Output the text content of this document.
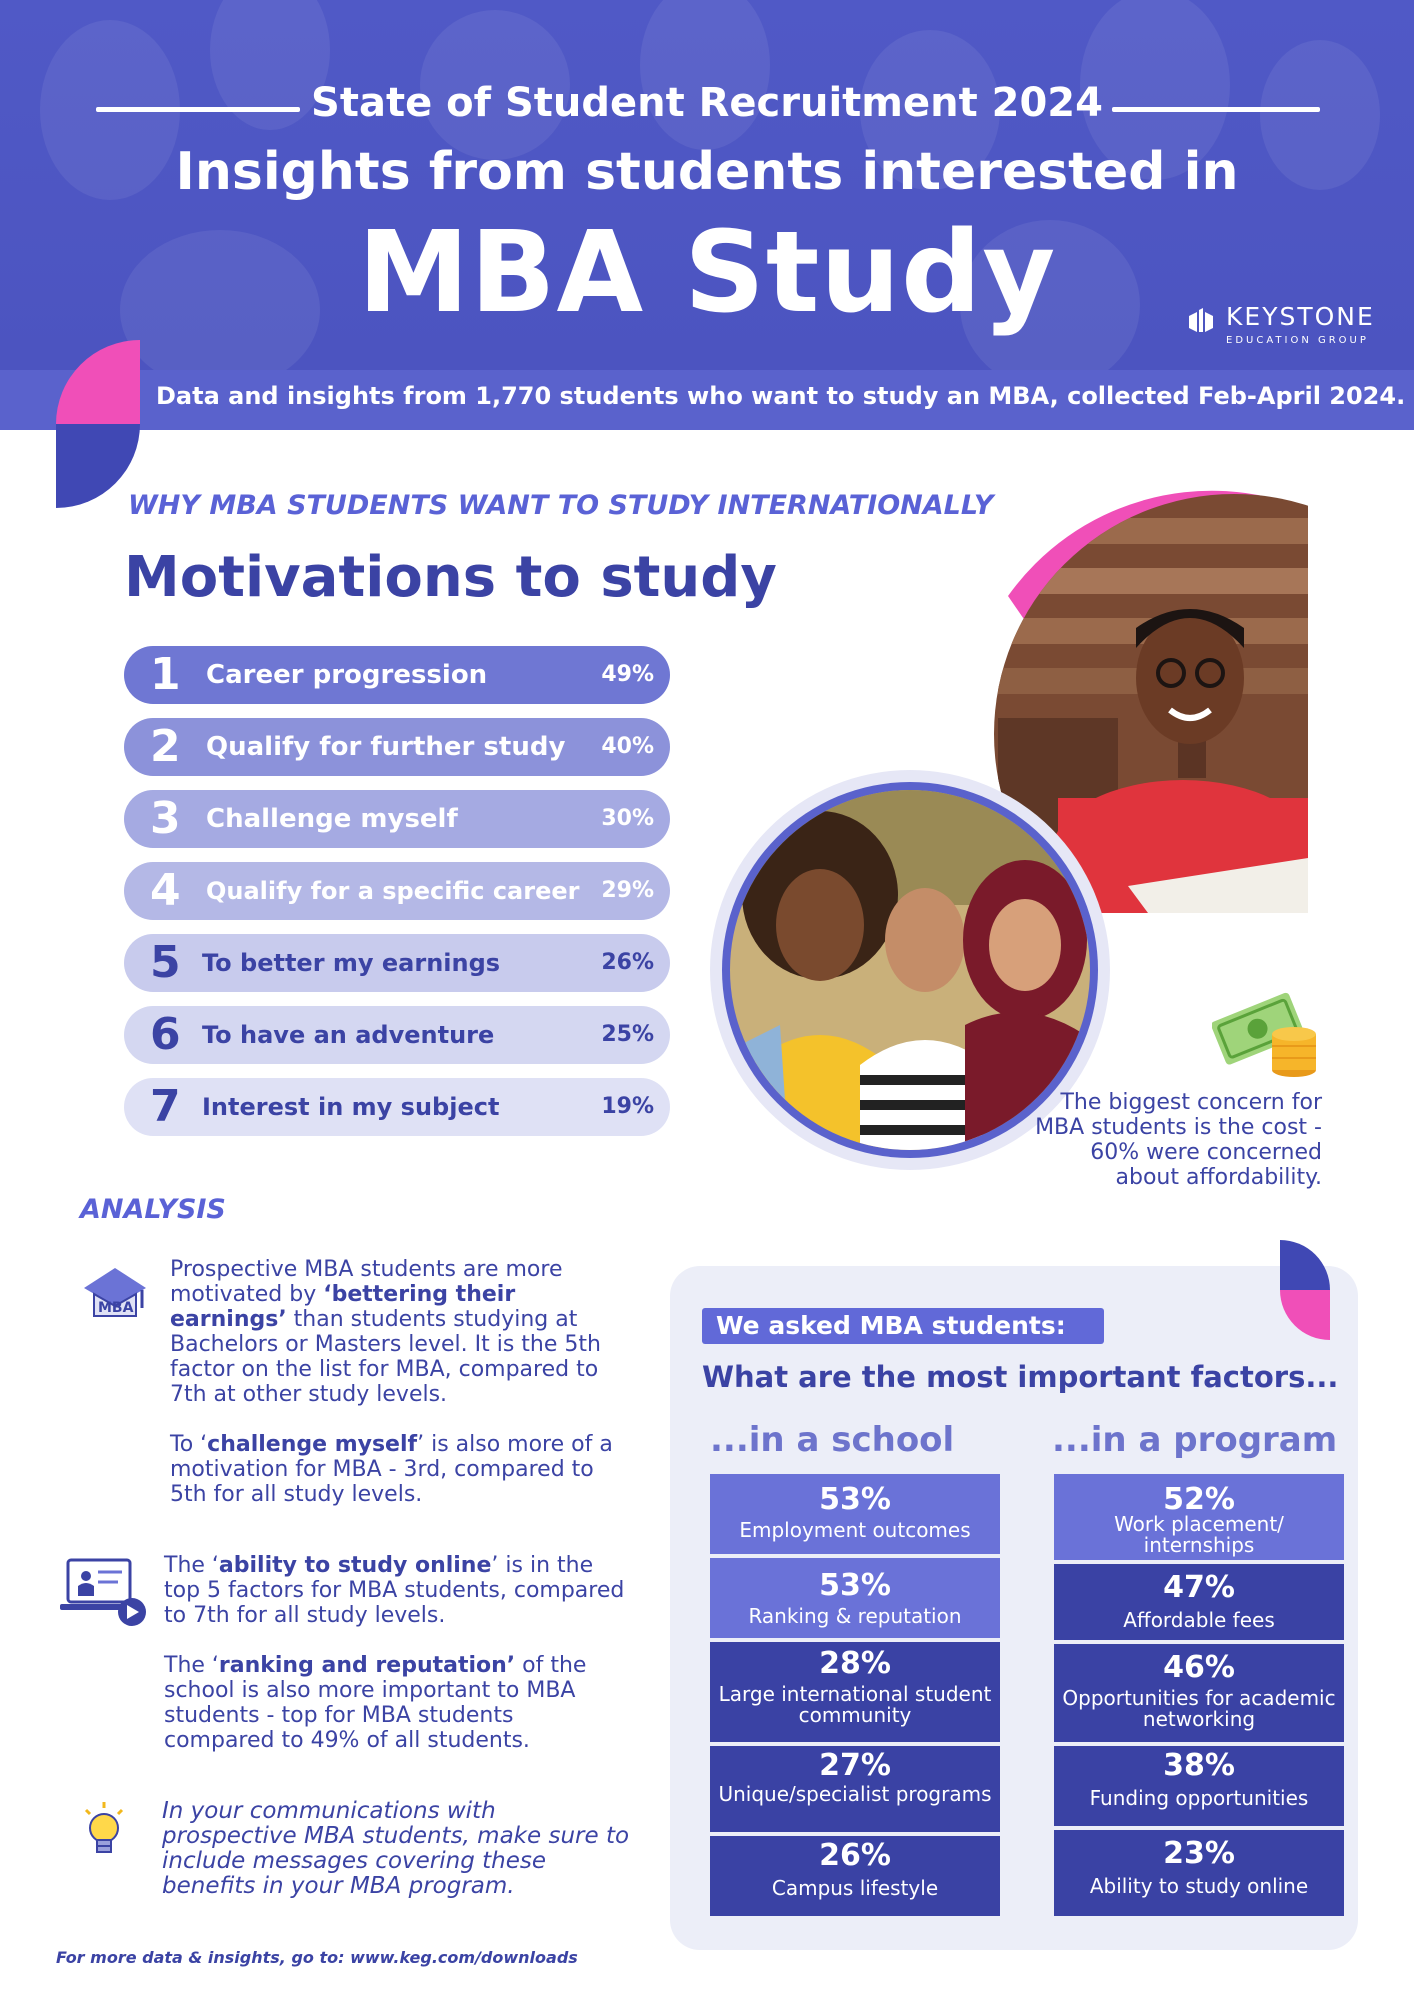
State of Student Recruitment 2024
Insights from students interested in
MBA Study	KEYSTONE
EDUCATION GROUP
Data and insights from 1,770 students who want to study an MBA, collected Feb-April 2024.
WHY MBA STUDENTS WANT TO STUDY INTERNATIONALLY
Motivations to study
1 Career progression	49%
2 Qualify for further study 40%
3 Challenge myself	30%
4 Qualify for a specific career 29%
5 To better my earnings	26%
6 To have an adventure	25%
7 Interest in my subject	19%	The biggest concern for MBA students is the cost - 60% were concerned about affordability.
ANALYSIS
MBA
Prospective MBA students are more motivated by ‘bettering their earnings’ than students studying at Bachelors or Masters level. It is the 5th factor on the list for MBA, compared to 7th at other study levels.
To ‘challenge myself’ is also more of a motivation for MBA - 3rd, compared to 5th for all study levels.
The ‘ability to study online’ is in the top 5 factors for MBA students, compared to 7th for all study levels.
The ‘ranking and reputation’ of the school is also more important to MBA students - top for MBA students compared to 49% of all students.
In your communications with prospective MBA students, make sure to include messages covering these benefits in your MBA program.
For more data & insights, go to: www.keg.com/downloads
We asked MBA students:
What are the most important factors...
...in a school	...in a program
53%
Employment outcomes
53%
Ranking & reputation
28%
Large international student community
27%
Unique/specialist programs
26%
Campus lifestyle
52%
Work placement/ internships
47%
Affordable fees
46%
Opportunities for academic networking
38%
Funding opportunities
23%
Ability to study online
